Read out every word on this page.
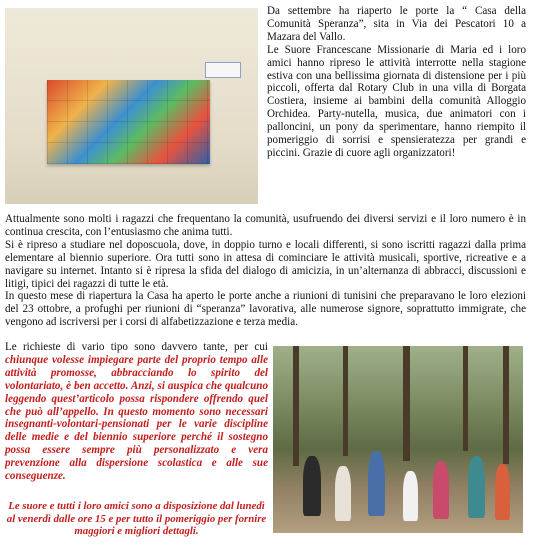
Da settembre ha riaperto le porte la “ Casa della Comunità Speranza”, sita in Via dei Pescatori 10 a Mazara del Vallo.

Le Suore Francescane Missionarie di Maria ed i loro amici hanno ripreso le attività interrotte nella stagione estiva con una bellissima giornata di distensione per i più piccoli, offerta dal Rotary Club in una villa di Borgata Costiera, insieme ai bambini della comunità Alloggio Orchidea. Party-nutella, musica, due animatori con i palloncini, un pony da sperimentare, hanno riempito il pomeriggio di sorrisi e spensieratezza per grandi e piccini. Grazie di cuore agli organizzatori!

Attualmente sono molti i ragazzi che frequentano la comunità, usufruendo dei diversi servizi e il loro numero è in continua crescita, con l’entusiasmo che anima tutti.

Si è ripreso a studiare nel doposcuola, dove, in doppio turno e locali differenti, si sono iscritti ragazzi dalla prima elementare al biennio superiore. Ora tutti sono in attesa di cominciare le attività musicali, sportive, ricreative e a navigare su internet. Intanto si è ripresa la sfida del dialogo di amicizia, in un’alternanza di abbracci, discussioni e litigi, tipici dei ragazzi di tutte le età.

In questo mese di riapertura la Casa ha aperto le porte anche a riunioni di tunisini che preparavano le loro elezioni del 23 ottobre, a profughi per riunioni di “speranza” lavorativa, alle numerose signore, soprattutto immigrate, che vengono ad iscriversi per i corsi di alfabetizzazione e terza media.

Le richieste di vario tipo sono davvero tante, per cui chiunque volesse impiegare parte del proprio tempo alle attività promosse, abbracciando lo spirito del volontariato, è ben accetto. Anzi, si auspica che qualcuno leggendo quest’articolo possa rispondere offrendo quel che può all’appello. In questo momento sono necessari insegnanti-volontari-pensionati per le varie discipline delle medie e del biennio superiore perché il sostegno possa essere sempre più personalizzato e vera prevenzione alla dispersione scolastica e alle sue conseguenze.

Le suore e tutti i loro amici sono a disposizione dal lunedì al venerdì dalle ore 15 e per tutto il pomeriggio per fornire maggiori e migliori dettagli.
